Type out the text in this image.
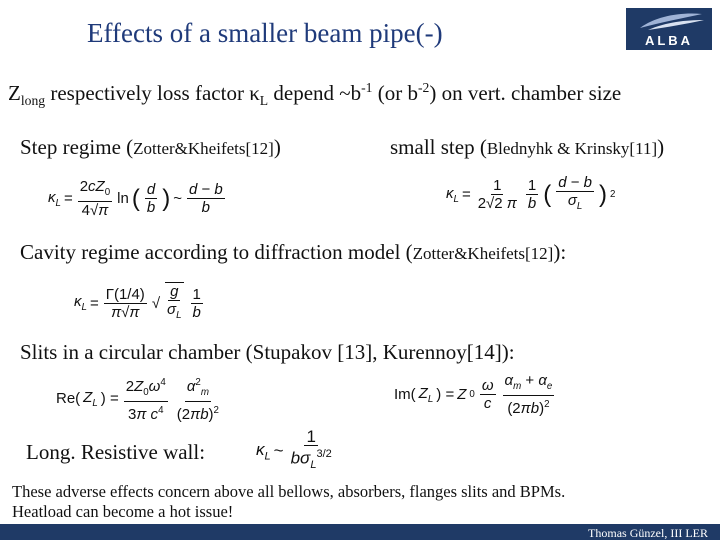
Effects of a smaller beam pipe(-)	ALBA
$Z_{long}$ respectively loss factor $\kappa_L$ depend $\sim b^{-1}$ (or $b^{-2}$) on vert. chamber size
Step regime (Zotter&Kheifets[12])	small step (Blednyhk & Krinsky[11])
$\kappa_L = \frac{2cZ_0}{4√\pi}$ ln ( $\frac{d}{b}$ ) ~ $\frac{d - b}{b}$	$\kappa_L = \frac{1}{2√2 \pi} \frac{1}{b}$ ( $\frac{d - b}{\sigma_L}$ ) 2
Cavity regime according to diffraction model (Zotter&Kheifets[12]):
$\kappa_L = \frac{\Gamma(1/4)}{\pi√\pi}$ √ $\frac{g}{\sigma_L} \frac{1}{b}$
Slits in a circular chamber (Stupakov [13], Kurennoy[14]):
Re( $Z_L$ ) = $\frac{2Z_0\omega^4}{3\pi c^4} \frac{\alpha^2_m}{(2\pi b)^2}$	Im( $Z_L$ ) = Z $0 \frac{\omega}{c} \frac{\alpha_m + \alpha_e}{(2\pi b)^2}$
Long. Resistive wall:	$\kappa_L$ ~ $\frac{1}{b\sigma_L^{3/2}}$
These adverse effects concern above all bellows, absorbers, flanges slits and BPMs.
Heatload can become a hot issue!
Thomas Günzel, III LER
